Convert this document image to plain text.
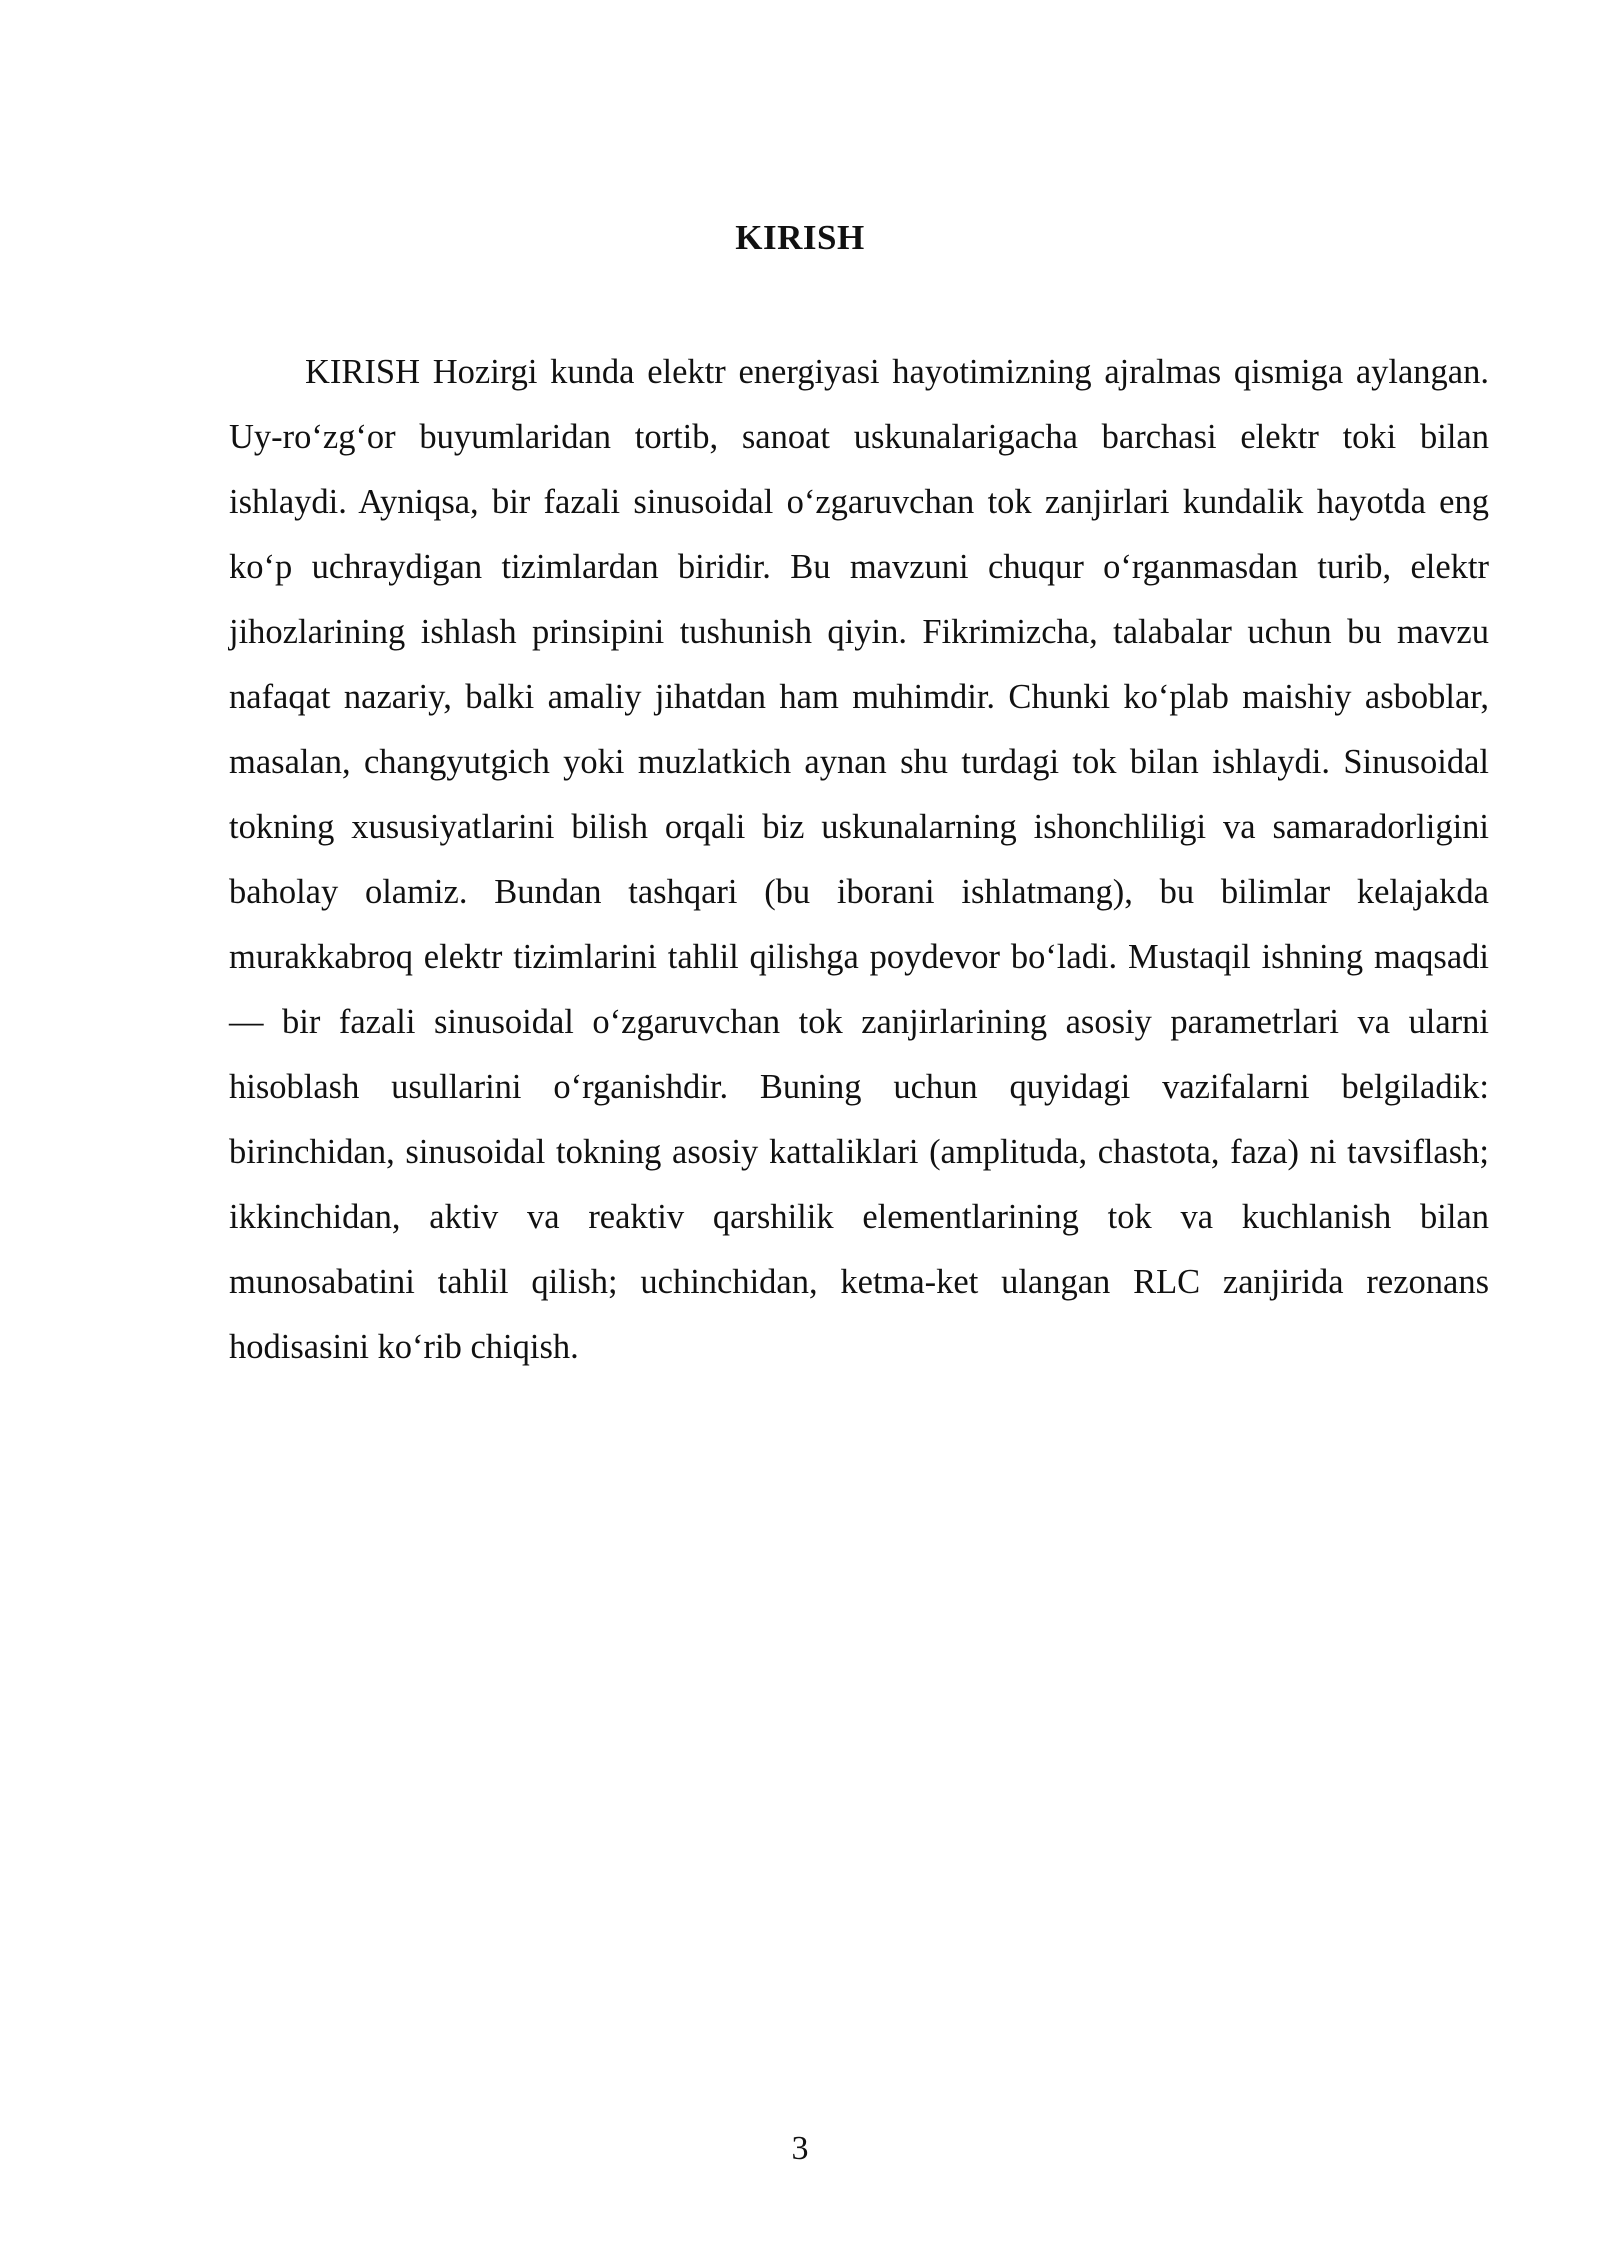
KIRISH

KIRISH Hozirgi kunda elektr energiyasi hayotimizning ajralmas qismiga aylangan. Uy-ro‘zg‘or buyumlaridan tortib, sanoat uskunalarigacha barchasi elektr toki bilan ishlaydi. Ayniqsa, bir fazali sinusoidal o‘zgaruvchan tok zanjirlari kundalik hayotda eng ko‘p uchraydigan tizimlardan biridir. Bu mavzuni chuqur o‘rganmasdan turib, elektr jihozlarining ishlash prinsipini tushunish qiyin. Fikrimizcha, talabalar uchun bu mavzu nafaqat nazariy, balki amaliy jihatdan ham muhimdir. Chunki ko‘plab maishiy asboblar, masalan, changyutgich yoki muzlatkich aynan shu turdagi tok bilan ishlaydi. Sinusoidal tokning xususiyatlarini bilish orqali biz uskunalarning ishonchliligi va samaradorligini baholay olamiz. Bundan tashqari (bu iborani ishlatmang), bu bilimlar kelajakda murakkabroq elektr tizimlarini tahlil qilishga poydevor bo‘ladi. Mustaqil ishning maqsadi — bir fazali sinusoidal o‘zgaruvchan tok zanjirlarining asosiy parametrlari va ularni hisoblash usullarini o‘rganishdir. Buning uchun quyidagi vazifalarni belgiladik: birinchidan, sinusoidal tokning asosiy kattaliklari (amplituda, chastota, faza) ni tavsiflash; ikkinchidan, aktiv va reaktiv qarshilik elementlarining tok va kuchlanish bilan munosabatini tahlil qilish; uchinchidan, ketma-ket ulangan RLC zanjirida rezonans hodisasini ko‘rib chiqish.

3
